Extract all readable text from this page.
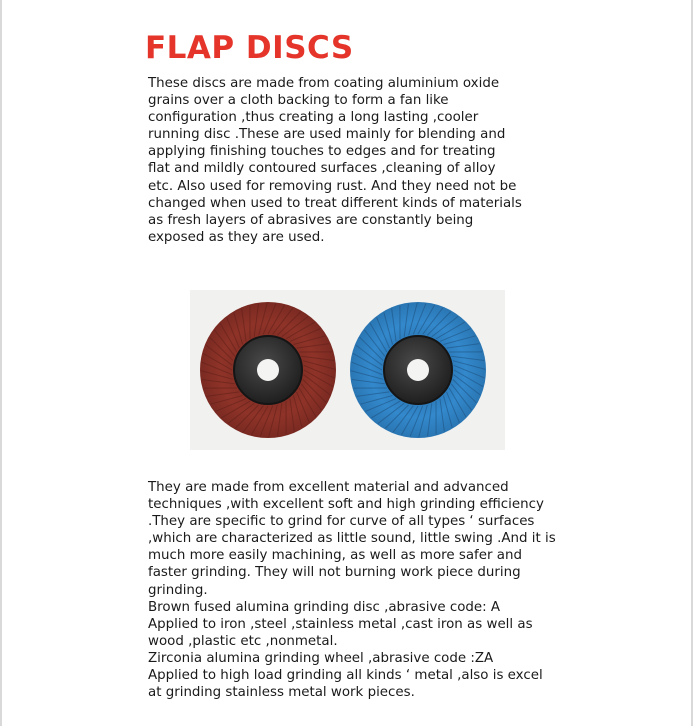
FLAP DISCS

These discs are made from coating aluminium oxide
grains over a cloth backing to form a fan like
configuration ,thus creating a long lasting ,cooler
running disc .These are used mainly for blending and
applying finishing touches to edges and for treating
flat and mildly contoured surfaces ,cleaning of alloy
etc. Also used for removing rust. And they need not be
changed when used to treat different kinds of materials
as fresh layers of abrasives are constantly being
exposed as they are used.

They are made from excellent material and advanced
techniques ,with excellent soft and high grinding efficiency
.They are specific to grind for curve of all types ‘ surfaces
,which are characterized as little sound, little swing .And it is
much more easily machining, as well as more safer and
faster grinding. They will not burning work piece during
grinding.
Brown fused alumina grinding disc ,abrasive code: A
Applied to iron ,steel ,stainless metal ,cast iron as well as
wood ,plastic etc ,nonmetal.
Zirconia alumina grinding wheel ,abrasive code :ZA
Applied to high load grinding all kinds ‘ metal ,also is excel
at grinding stainless metal work pieces.
